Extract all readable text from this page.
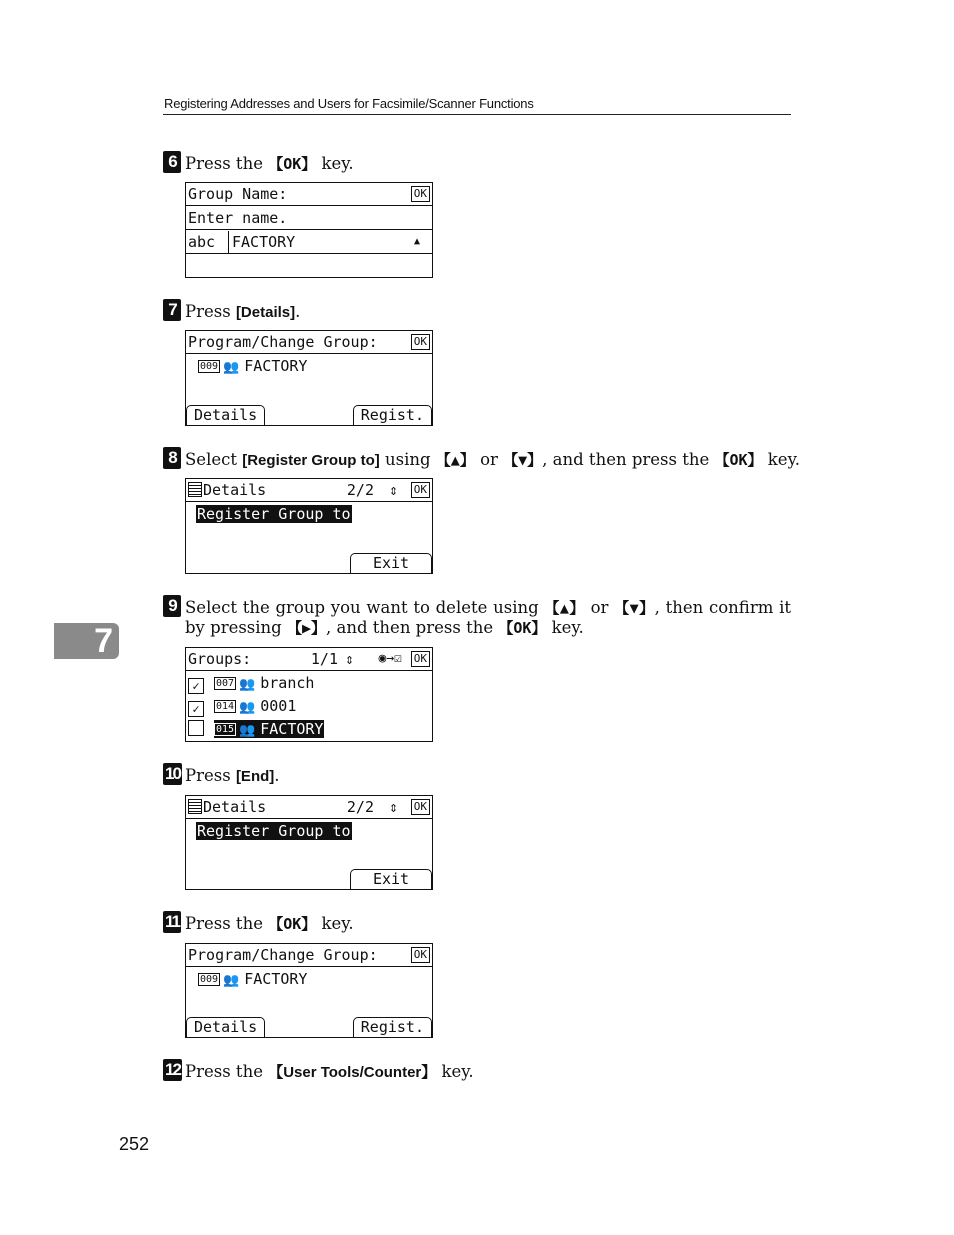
Registering Addresses and Users for Facsimile/Scanner Functions
7
6 Press the 【OK】 key.
Group Name:	OK
Enter name.
abc FACTORY	▲
7 Press [Details].
Program/Change Group:	OK
009 👥 FACTORY
Details	Regist.
8 Select [Register Group to] using 【▲】 or 【▼】, and then press the 【OK】 key.
Details	2/2 ⇕ OK
Register Group to
Exit
9 Select the group you want to delete using 【▲】 or 【▼】, then confirm it by pressing 【▶】, and then press the 【OK】 key.
Groups:	1/1 ⇕ ◉→☑ OK
✓ 007 👥 branch
✓ 014 👥 0001
015 👥 FACTORY
10 Press [End].
Details	2/2 ⇕ OK
Register Group to
Exit
11 Press the 【OK】 key.
Program/Change Group:	OK
009 👥 FACTORY
Details	Regist.
12 Press the 【User Tools/Counter】 key.
252
